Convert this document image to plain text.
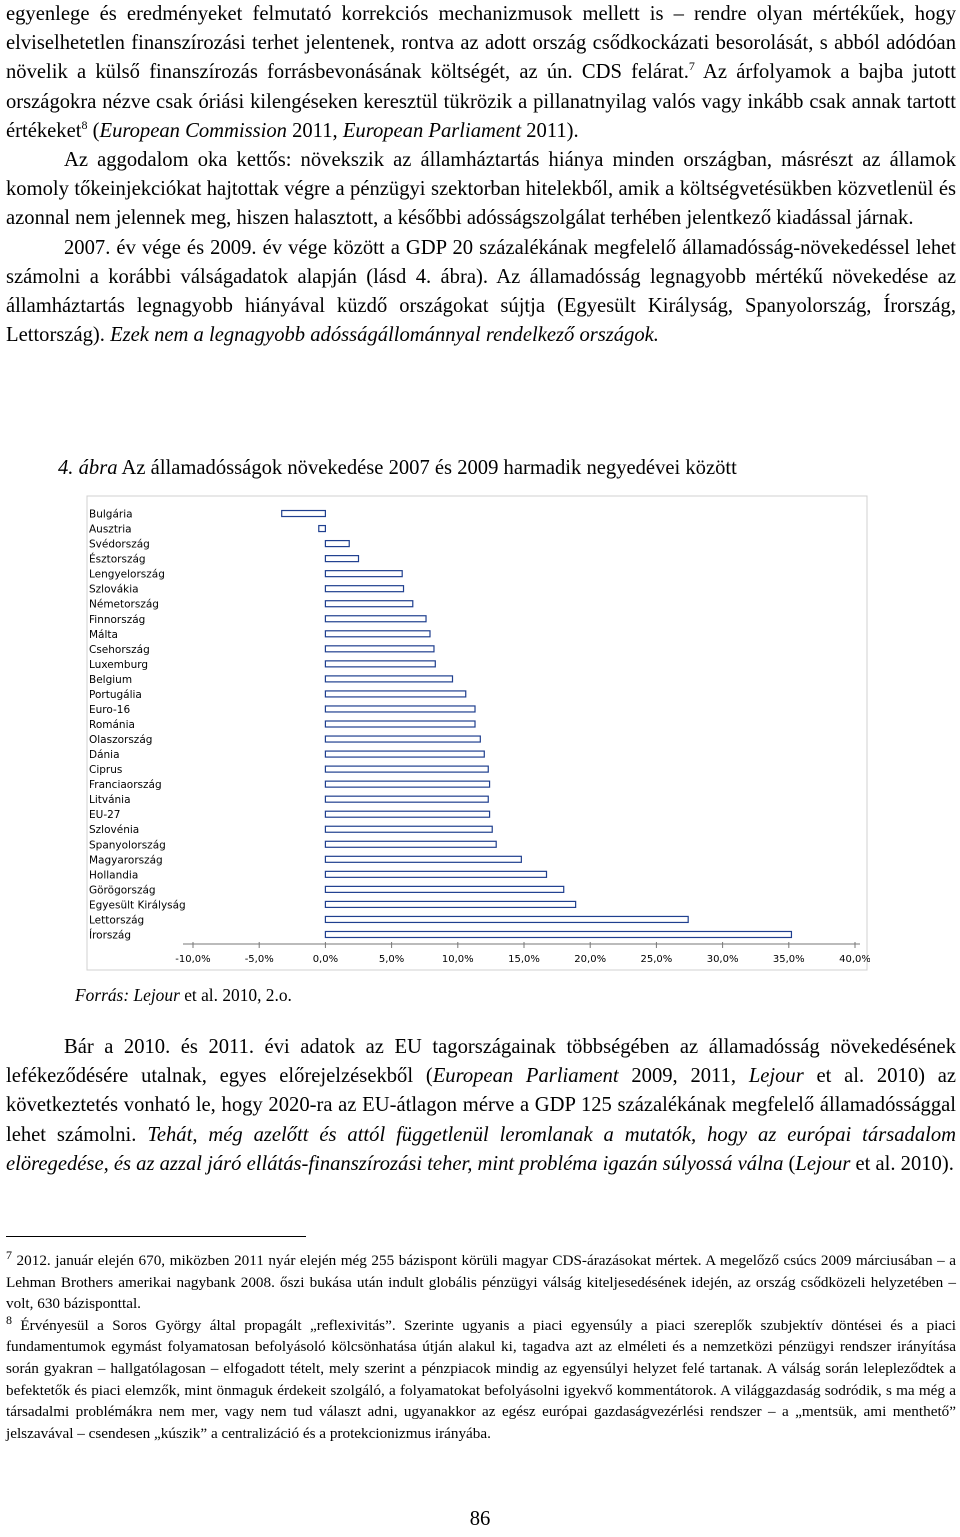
egyenlege és eredményeket felmutató korrekciós mechanizmusok mellett is – rendre olyan mértékűek, hogy elviselhetetlen finanszírozási terhet jelentenek, rontva az adott ország csődkockázati besorolását, s abból adódóan növelik a külső finanszírozás forrásbevonásának költségét, az ún. CDS felárat.$^7$ Az árfolyamok a bajba jutott országokra nézve csak óriási kilengéseken keresztül tükrözik a pillanatnyilag valós vagy inkább csak annak tartott értékeket$^8$ (European Commission 2011, European Parliament 2011).

Az aggodalom oka kettős: növekszik az államháztartás hiánya minden országban, másrészt az államok komoly tőkeinjekciókat hajtottak végre a pénzügyi szektorban hitelekből, amik a költségvetésükben közvetlenül és azonnal nem jelennek meg, hiszen halasztott, a későbbi adósságszolgálat terhében jelentkező kiadással járnak.

2007. év vége és 2009. év vége között a GDP 20 százalékának megfelelő államadósság-növekedéssel lehet számolni a korábbi válságadatok alapján (lásd 4. ábra). Az államadósság legnagyobb mértékű növekedése az államháztartás legnagyobb hiányával küzdő országokat sújtja (Egyesült Királyság, Spanyolország, Írország, Lettország). Ezek nem a legnagyobb adósságállománnyal rendelkező országok.

4. ábra Az államadósságok növekedése 2007 és 2009 harmadik negyedévei között
Bulgária
Ausztria
Svédország
Észtország
Lengyelország
Szlovákia
Németország
Finnország
Málta
Csehország
Luxemburg
Belgium
Portugália
Euro-16
Románia
Olaszország
Dánia
Ciprus
Franciaország
Litvánia
EU-27
Szlovénia
Spanyolország
Magyarország
Hollandia
Görögország
Egyesült Királyság
Lettország
Írország
-10,0%	-5,0%	0,0%	5,0%	10,0%	15,0%	20,0%	25,0%	30,0%	35,0%	40,0%
Forrás: Lejour et al. 2010, 2.o.

Bár a 2010. és 2011. évi adatok az EU tagországainak többségében az államadósság növekedésének lefékeződésére utalnak, egyes előrejelzésekből (European Parliament 2009, 2011, Lejour et al. 2010) az következtetés vonható le, hogy 2020-ra az EU-átlagon mérve a GDP 125 százalékának megfelelő államadóssággal lehet számolni. Tehát, még azelőtt és attól függetlenül leromlanak a mutatók, hogy az európai társadalom elöregedése, és az azzal járó ellátás-finanszírozási teher, mint probléma igazán súlyossá válna (Lejour et al. 2010).

$^7$ 2012. január elején 670, miközben 2011 nyár elején még 255 bázispont körüli magyar CDS-árazásokat mértek. A megelőző csúcs 2009 márciusában – a Lehman Brothers amerikai nagybank 2008. őszi bukása után indult globális pénzügyi válság kiteljesedésének idején, az ország csődközeli helyzetében – volt, 630 bázisponttal.

$^8$ Érvényesül a Soros György által propagált „reflexivitás”. Szerinte ugyanis a piaci egyensúly a piaci szereplők szubjektív döntései és a piaci fundamentumok egymást folyamatosan befolyásoló kölcsönhatása útján alakul ki, tagadva azt az elméleti és a nemzetközi pénzügyi rendszer irányítása során gyakran – hallgatólagosan – elfogadott tételt, mely szerint a pénzpiacok mindig az egyensúlyi helyzet felé tartanak. A válság során lelepleződtek a befektetők és piaci elemzők, mint önmaguk érdekeit szolgáló, a folyamatokat befolyásolni igyekvő kommentátorok. A világgazdaság sodródik, s ma még a társadalmi problémákra nem mer, vagy nem tud választ adni, ugyanakkor az egész európai gazdaságvezérlési rendszer – a „mentsük, ami menthető” jelszavával – csendesen „kúszik” a centralizáció és a protekcionizmus irányába.

86
